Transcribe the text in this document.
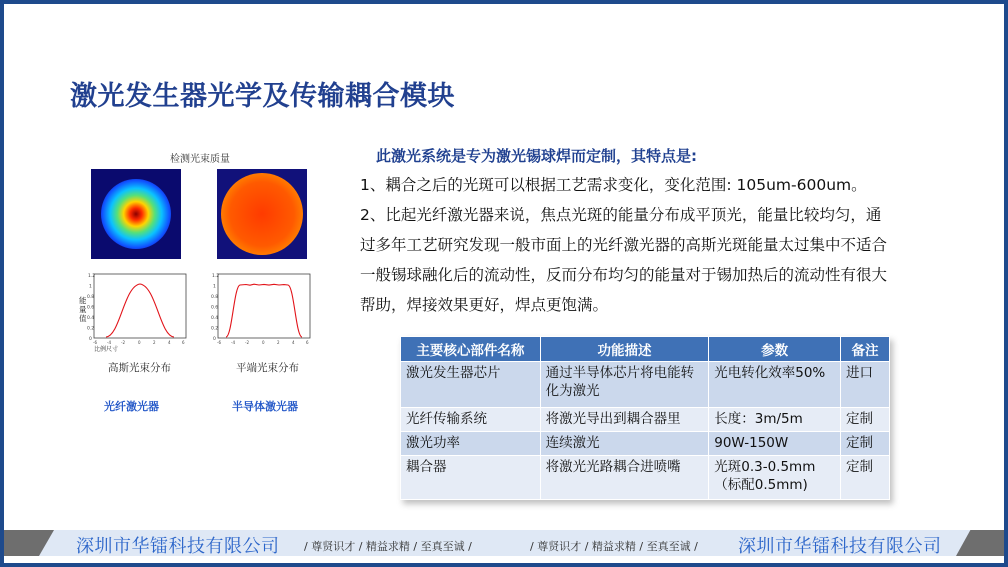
激光发生器光学及传输耦合模块
检测光束质量
1.2
1
0.8
0.6
0.4
0.2
0
-6	-4	-2	0	2	4	6
比例尺寸
能
量
值
1.2
1
0.8
0.6
0.4
0.2
0
-6	-4	-2	0	2	4	6
高斯光束分布	平端光束分布
光纤激光器	半导体激光器
此激光系统是专为激光锡球焊而定制，其特点是:
1、耦合之后的光斑可以根据工艺需求变化，变化范围: 105um-600um。
2、比起光纤激光器来说，焦点光斑的能量分布成平顶光，能量比较均匀，通
过多年工艺研究发现一般市面上的光纤激光器的高斯光斑能量太过集中不适合
一般锡球融化后的流动性，反而分布均匀的能量对于锡加热后的流动性有很大
帮助，焊接效果更好，焊点更饱满。
主要核心部件名称	功能描述	参数	备注
激光发生器芯片	通过半导体芯片将电能转化为激光	光电转化效率50%	进口
光纤传输系统	将激光导出到耦合器里	长度：3m/5m	定制
激光功率	连续激光	90W-150W	定制
耦合器	将激光光路耦合进喷嘴	光斑0.3-0.5mm（标配0.5mm)	定制
深圳市华镭科技有限公司 / 尊贤识才 / 精益求精 / 至真至诚 /	/ 尊贤识才 / 精益求精 / 至真至诚 / 深圳市华镭科技有限公司
